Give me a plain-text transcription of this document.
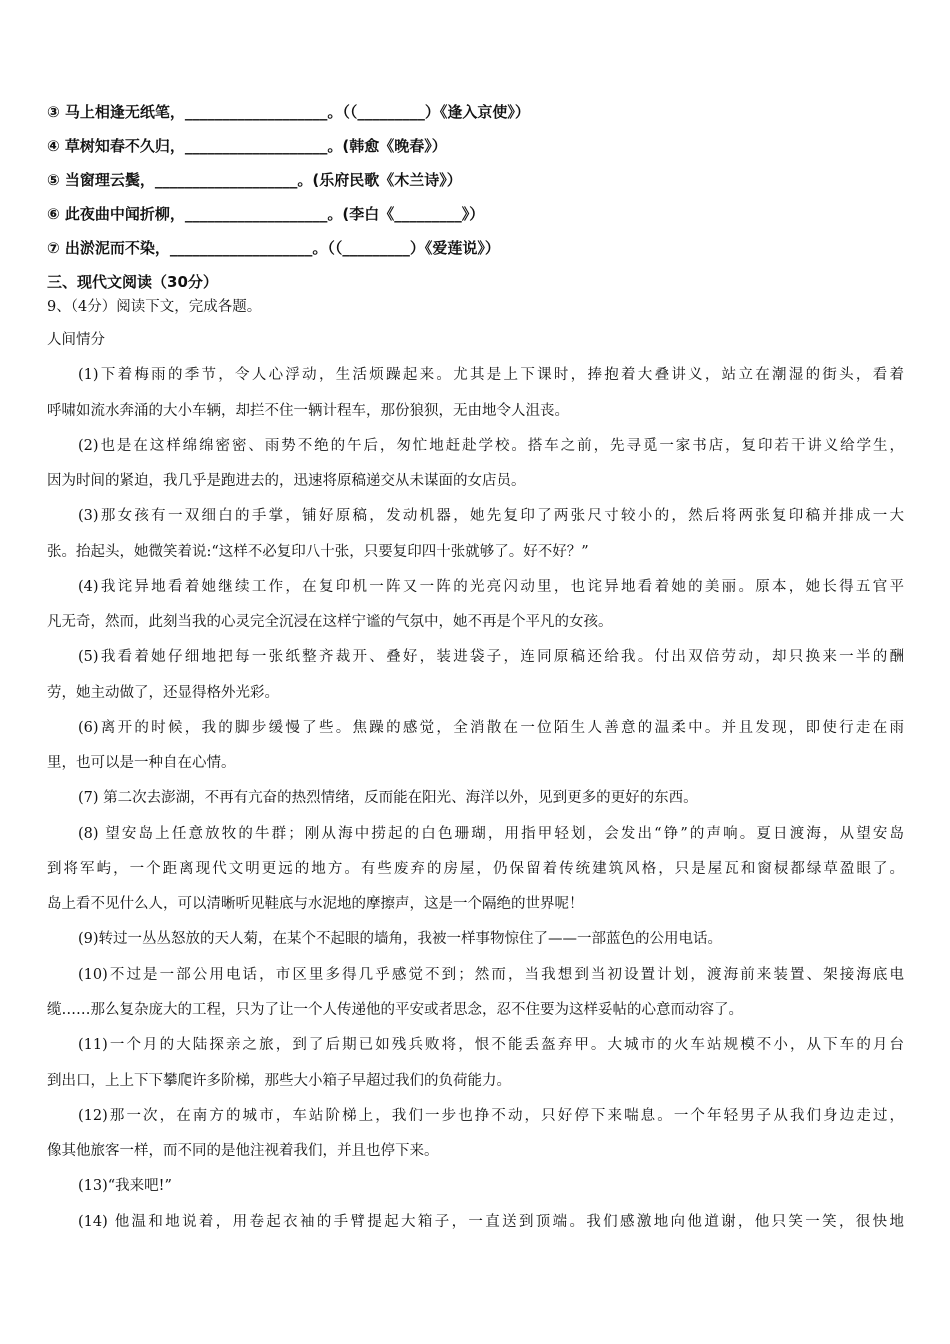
③ 马上相逢无纸笔，___________________。（（_________）《逢入京使》）

④ 草树知春不久归，___________________。(韩愈《晚春》）

⑤ 当窗理云鬓，___________________。(乐府民歌《木兰诗》）

⑥ 此夜曲中闻折柳，___________________。(李白《_________》）

⑦ 出淤泥而不染，___________________。（（_________）《爱莲说》）

三、现代文阅读（30分）

9、（4分）阅读下文，完成各题。

人间情分

(1)下着梅雨的季节，令人心浮动，生活烦躁起来。尤其是上下课时，捧抱着大叠讲义，站立在潮湿的街头，看着

呼啸如流水奔涌的大小车辆，却拦不住一辆计程车，那份狼狈，无由地令人沮丧。

(2)也是在这样绵绵密密、雨势不绝的午后，匆忙地赶赴学校。搭车之前，先寻觅一家书店，复印若干讲义给学生，

因为时间的紧迫，我几乎是跑进去的，迅速将原稿递交从未谋面的女店员。

(3)那女孩有一双细白的手掌，铺好原稿，发动机器，她先复印了两张尺寸较小的，然后将两张复印稿并排成一大

张。抬起头，她微笑着说:“这样不必复印八十张，只要复印四十张就够了。好不好？”

(4)我诧异地看着她继续工作，在复印机一阵又一阵的光亮闪动里，也诧异地看着她的美丽。原本，她长得五官平

凡无奇，然而，此刻当我的心灵完全沉浸在这样宁谧的气氛中，她不再是个平凡的女孩。

(5)我看着她仔细地把每一张纸整齐裁开、叠好，装进袋子，连同原稿还给我。付出双倍劳动，却只换来一半的酬

劳，她主动做了，还显得格外光彩。

(6)离开的时候，我的脚步缓慢了些。焦躁的感觉，全消散在一位陌生人善意的温柔中。并且发现，即使行走在雨

里，也可以是一种自在心情。

(7) 第二次去澎湖，不再有亢奋的热烈情绪，反而能在阳光、海洋以外，见到更多的更好的东西。

(8) 望安岛上任意放牧的牛群；刚从海中捞起的白色珊瑚，用指甲轻划，会发出“铮”的声响。夏日渡海，从望安岛

到将军屿，一个距离现代文明更远的地方。有些废弃的房屋，仍保留着传统建筑风格，只是屋瓦和窗棂都绿草盈眼了。

岛上看不见什么人，可以清晰听见鞋底与水泥地的摩擦声，这是一个隔绝的世界呢！

(9)转过一丛丛怒放的天人菊，在某个不起眼的墙角，我被一样事物惊住了——一部蓝色的公用电话。

(10)不过是一部公用电话，市区里多得几乎感觉不到；然而，当我想到当初设置计划，渡海前来装置、架接海底电

缆……那么复杂庞大的工程，只为了让一个人传递他的平安或者思念，忍不住要为这样妥帖的心意而动容了。

(11)一个月的大陆探亲之旅，到了后期已如残兵败将，恨不能丢盔弃甲。大城市的火车站规模不小，从下车的月台

到出口，上上下下攀爬许多阶梯，那些大小箱子早超过我们的负荷能力。

(12)那一次，在南方的城市，车站阶梯上，我们一步也挣不动，只好停下来喘息。一个年轻男子从我们身边走过，

像其他旅客一样，而不同的是他注视着我们，并且也停下来。

(13)“我来吧!”

(14) 他温和地说着，用卷起衣袖的手臂提起大箱子，一直送到顶端。我们感激地向他道谢，他只笑一笑，很快地
